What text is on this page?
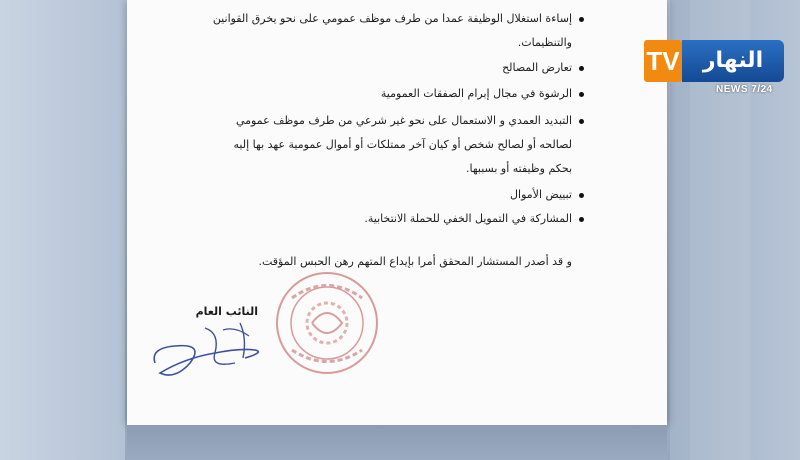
إساءة استغلال الوظيفة عمدا من طرف موظف عمومي على نحو يخرق القوانين
والتنظيمات.
تعارض المصالح
الرشوة في مجال إبرام الصفقات العمومية
التبديد العمدي و الاستعمال على نحو غير شرعي من طرف موظف عمومي
لصالحه أو لصالح شخص أو كيان آخر ممتلكات أو أموال عمومية عهد بها إليه
بحكم وظيفته أو بسببها.
تبييض الأموال
المشاركة في التمويل الخفي للحملة الانتخابية.
و قد أصدر المستشار المحقق أمرا بإيداع المتهم رهن الحبس المؤقت.
النائب العام
TV	النهار
NEWS 7/24
